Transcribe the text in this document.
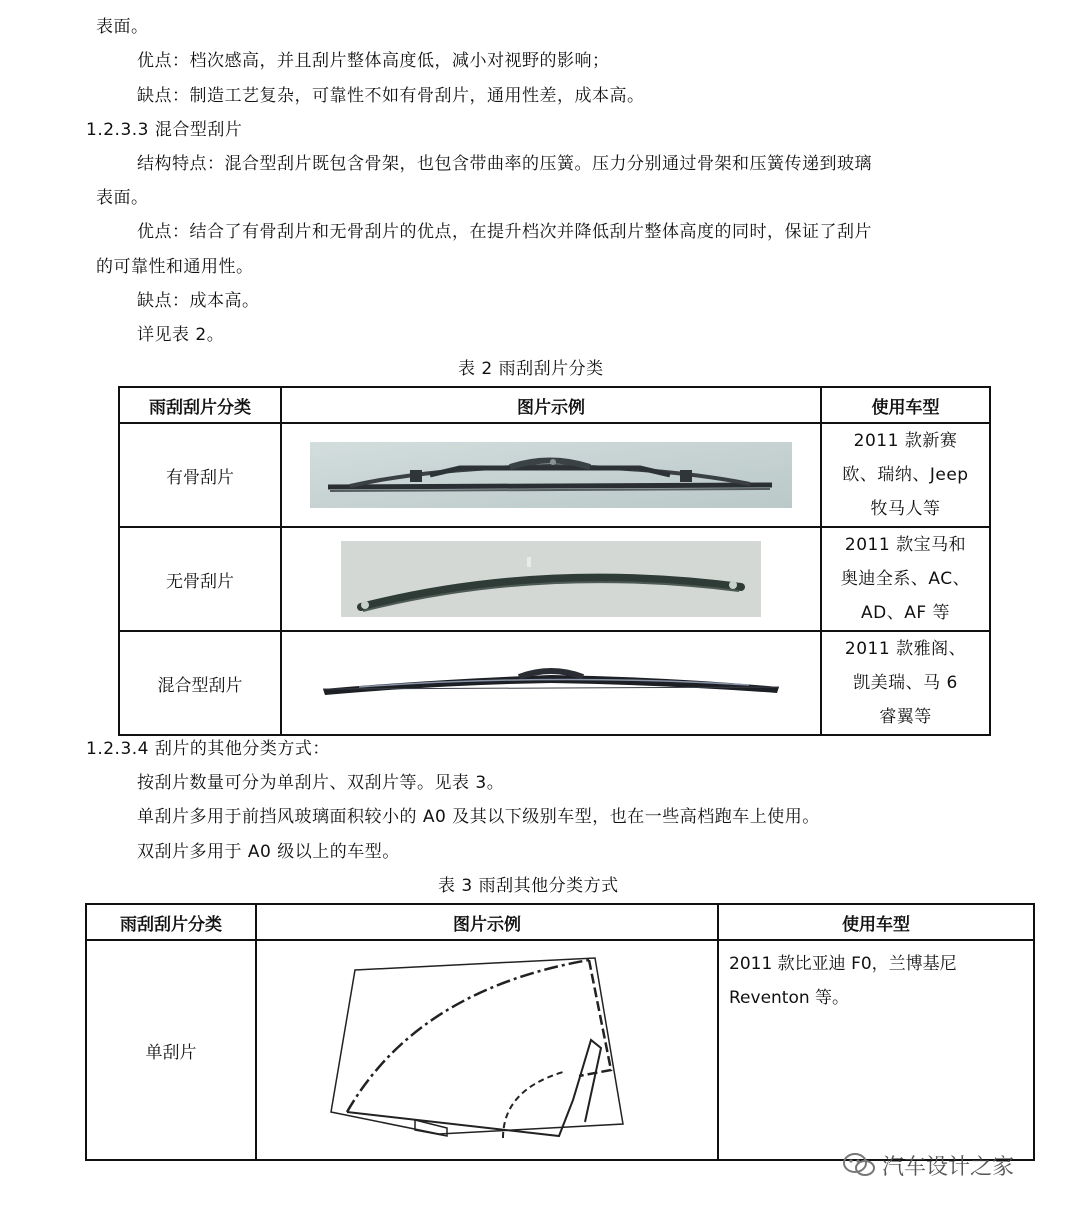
表面。
优点：档次感高，并且刮片整体高度低，减小对视野的影响；
缺点：制造工艺复杂，可靠性不如有骨刮片，通用性差，成本高。
1.2.3.3 混合型刮片
结构特点：混合型刮片既包含骨架，也包含带曲率的压簧。压力分别通过骨架和压簧传递到玻璃
表面。
优点：结合了有骨刮片和无骨刮片的优点，在提升档次并降低刮片整体高度的同时，保证了刮片
的可靠性和通用性。
缺点：成本高。
详见表 2。
表 2 雨刮刮片分类
雨刮刮片分类	图片示例	使用车型
有骨刮片		2011 款新赛
欧、瑞纳、Jeep
牧马人等

无骨刮片		2011 款宝马和
奥迪全系、AC、
AD、AF 等

混合型刮片		2011 款雅阁、
凯美瑞、马 6
睿翼等
1.2.3.4 刮片的其他分类方式：
按刮片数量可分为单刮片、双刮片等。见表 3。
单刮片多用于前挡风玻璃面积较小的 A0 及其以下级别车型，也在一些高档跑车上使用。
双刮片多用于 A0 级以上的车型。
表 3 雨刮其他分类方式
雨刮刮片分类	图片示例	使用车型
单刮片		2011 款比亚迪 F0，兰博基尼
Reventon 等。
汽车设计之家
